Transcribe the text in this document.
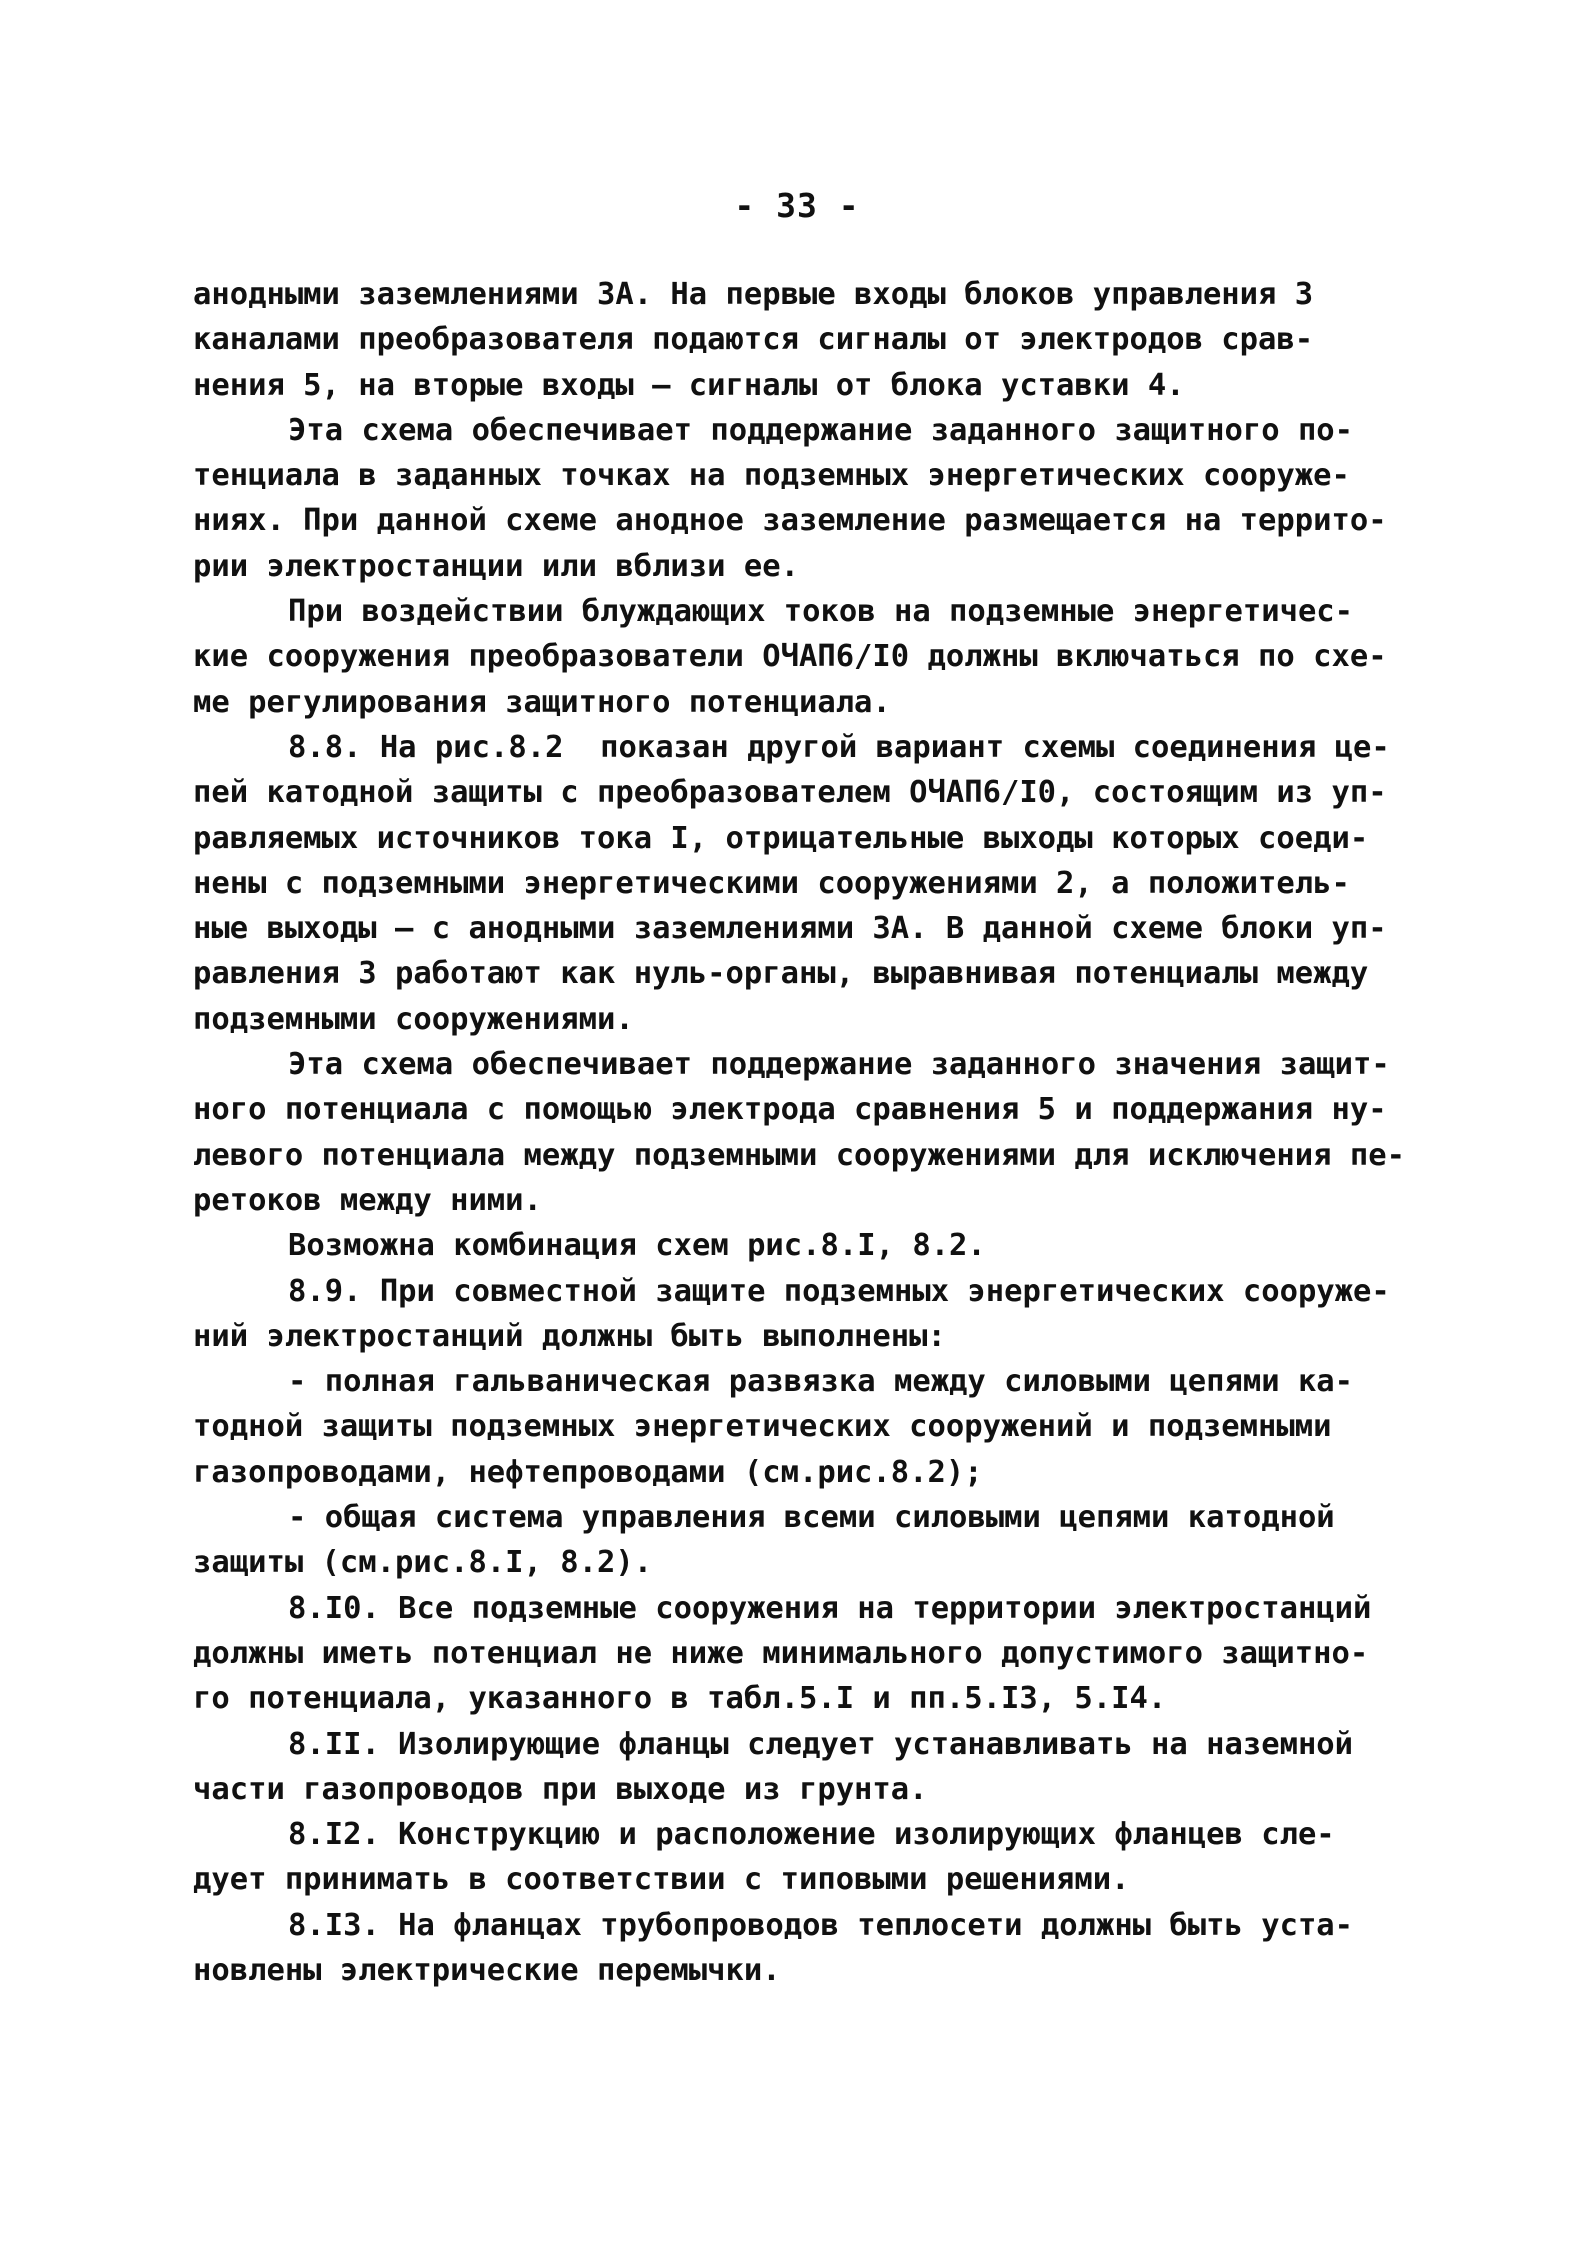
- 33 -
анодными заземлениями 3А. На первые входы блоков управления 3
каналами преобразователя подаются сигналы от электродов срав-
нения 5, на вторые входы – сигналы от блока уставки 4.
Эта схема обеспечивает поддержание заданного защитного по-
тенциала в заданных точках на подземных энергетических сооруже-
ниях. При данной схеме анодное заземление размещается на террито-
рии электростанции или вблизи ее.
При воздействии блуждающих токов на подземные энергетичес-
кие сооружения преобразователи ОЧАП6/I0 должны включаться по схе-
ме регулирования защитного потенциала.
8.8. На рис.8.2  показан другой вариант схемы соединения це-
пей катодной защиты с преобразователем ОЧАП6/I0, состоящим из уп-
равляемых источников тока I, отрицательные выходы которых соеди-
нены с подземными энергетическими сооружениями 2, а положитель-
ные выходы – с анодными заземлениями 3А. В данной схеме блоки уп-
равления 3 работают как нуль-органы, выравнивая потенциалы между
подземными сооружениями.
Эта схема обеспечивает поддержание заданного значения защит-
ного потенциала с помощью электрода сравнения 5 и поддержания ну-
левого потенциала между подземными сооружениями для исключения пе-
ретоков между ними.
Возможна комбинация схем рис.8.I, 8.2.
8.9. При совместной защите подземных энергетических сооруже-
ний электростанций должны быть выполнены:
- полная гальваническая развязка между силовыми цепями ка-
тодной защиты подземных энергетических сооружений и подземными
газопроводами, нефтепроводами (см.рис.8.2);
- общая система управления всеми силовыми цепями катодной
защиты (см.рис.8.I, 8.2).
8.I0. Все подземные сооружения на территории электростанций
должны иметь потенциал не ниже минимального допустимого защитно-
го потенциала, указанного в табл.5.I и пп.5.I3, 5.I4.
8.II. Изолирующие фланцы следует устанавливать на наземной
части газопроводов при выходе из грунта.
8.I2. Конструкцию и расположение изолирующих фланцев сле-
дует принимать в соответствии с типовыми решениями.
8.I3. На фланцах трубопроводов теплосети должны быть уста-
новлены электрические перемычки.
